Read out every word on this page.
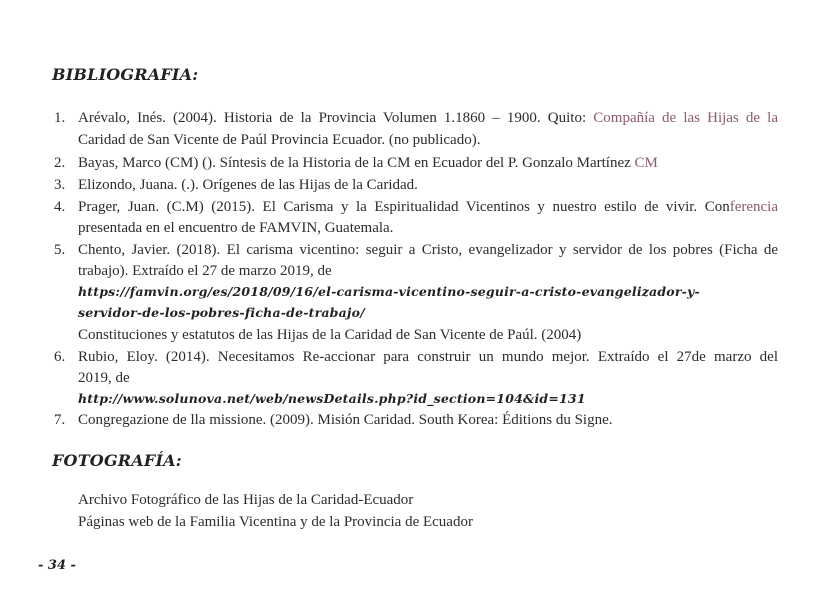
BIBLIOGRAFIA:
1. Arévalo, Inés. (2004). Historia de la Provincia Volumen 1.1860 – 1900. Quito: Compañía de las Hijas de la
Caridad de San Vicente de Paúl Provincia Ecuador. (no publicado).
2. Bayas, Marco (CM) (). Síntesis de la Historia de la CM en Ecuador del P. Gonzalo Martínez CM
3. Elizondo, Juana. (.). Orígenes de las Hijas de la Caridad.
4. Prager, Juan. (C.M) (2015). El Carisma y la Espiritualidad Vicentinos y nuestro estilo de vivir. Conferencia
presentada en el encuentro de FAMVIN, Guatemala.
5. Chento, Javier. (2018). El carisma vicentino: seguir a Cristo, evangelizador y servidor de los pobres (Ficha de
trabajo). Extraído el 27 de marzo 2019, de
https://famvin.org/es/2018/09/16/el-carisma-vicentino-seguir-a-cristo-evangelizador-y-
servidor-de-los-pobres-ficha-de-trabajo/
Constituciones y estatutos de las Hijas de la Caridad de San Vicente de Paúl. (2004)
6. Rubio, Eloy. (2014). Necesitamos Re-accionar para construir un mundo mejor. Extraído el 27de marzo del
2019, de
http://www.solunova.net/web/newsDetails.php?id_section=104&id=131
7. Congregazione de lla missione. (2009). Misión Caridad. South Korea: Éditions du Signe.
FOTOGRAFÍA:
Archivo Fotográfico de las Hijas de la Caridad-Ecuador
Páginas web de la Familia Vicentina y de la Provincia de Ecuador
- 34 -
